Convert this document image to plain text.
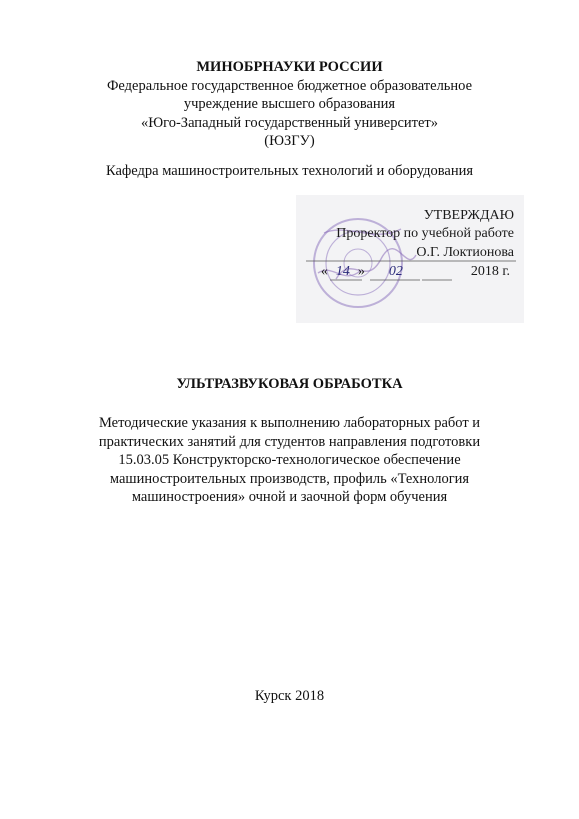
МИНОБРНАУКИ РОССИИ
Федеральное государственное бюджетное образовательное
учреждение высшего образования
«Юго-Западный государственный университет»
(ЮЗГУ)
Кафедра машиностроительных технологий и оборудования
УТВЕРЖДАЮ
Проректор по учебной работе
О.Г. Локтионова
« 14 » 02	2018 г.
УЛЬТРАЗВУКОВАЯ ОБРАБОТКА
Методические указания к выполнению лабораторных работ и
практических занятий для студентов направления подготовки
15.03.05 Конструкторско-технологическое обеспечение
машиностроительных производств, профиль «Технология
машиностроения» очной и заочной форм обучения
Курск 2018
